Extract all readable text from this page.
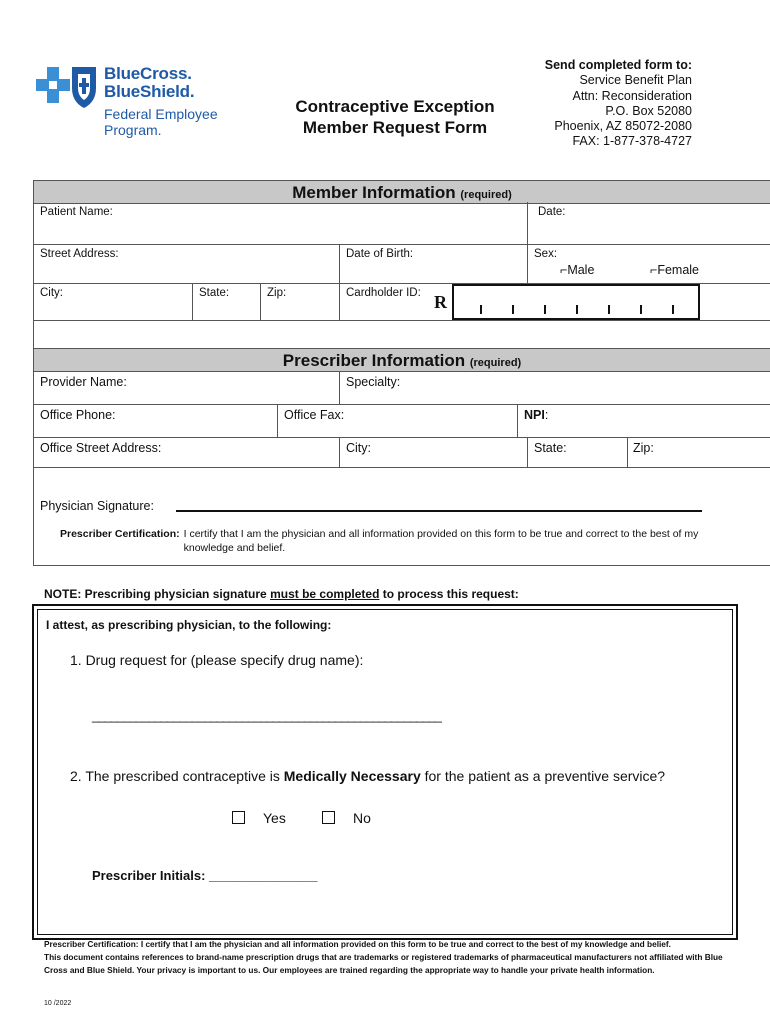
BlueCross.
BlueShield.
Federal Employee Program.
Contraceptive Exception
Member Request Form
Send completed form to:
Service Benefit Plan
Attn: Reconsideration
P.O. Box 52080
Phoenix, AZ 85072-2080
FAX: 1-877-378-4727
Member Information (required)
Patient Name:	Date:
Street Address:	Date of Birth:	Sex:
⌐Male	⌐Female
City:	State:	Zip:	Cardholder ID: R
Prescriber Information (required)
Provider Name:	Specialty:
Office Phone:	Office Fax:	NPI:
Office Street Address:	City:	State:	Zip:
Physician Signature:
Prescriber Certification: I certify that I am the physician and all information provided on this form to be true and correct to the best of my knowledge and belief.
NOTE: Prescribing physician signature must be completed to process this request:
I attest, as prescribing physician, to the following:
1. Drug request for (please specify drug name):
________________________________________________________
2. The prescribed contraceptive is Medically Necessary for the patient as a preventive service?
Yes	No
Prescriber Initials: _______________
Prescriber Certification: I certify that I am the physician and all information provided on this form to be true and correct to the best of my knowledge and belief.
This document contains references to brand-name prescription drugs that are trademarks or registered trademarks of pharmaceutical manufacturers not affiliated with Blue Cross and Blue Shield. Your privacy is important to us. Our employees are trained regarding the appropriate way to handle your private health information.
10 /2022
